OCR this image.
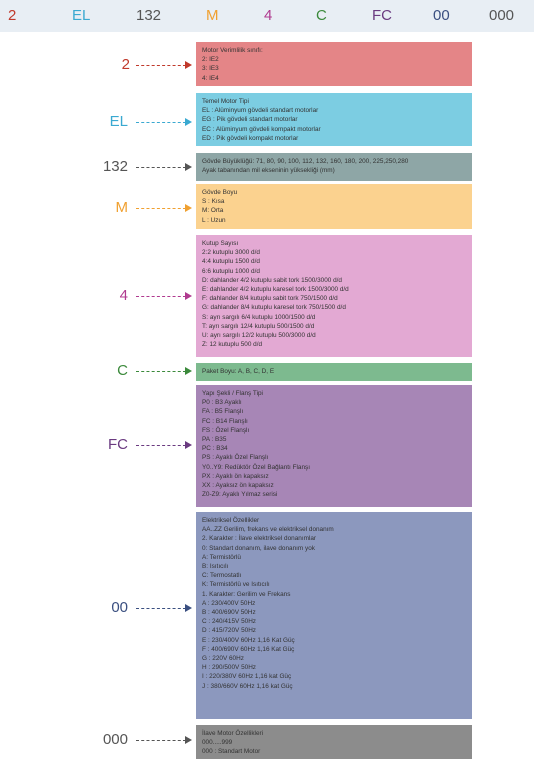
2	EL	132	M	4	C	FC	00	000
2
Motor Verimlilik sınıfı:
2: IE2
3: IE3
4: IE4
EL
Temel Motor Tipi
EL : Alüminyum gövdeli standart motorlar
EG : Pik gövdeli standart motorlar
EC : Alüminyum gövdeli kompakt motorlar
ED : Pik gövdeli kompakt motorlar
132	Gövde Büyüklüğü: 71, 80, 90, 100, 112, 132, 160, 180, 200, 225,250,280
Ayak tabanından mil ekseninin yüksekliği (mm)
M
Gövde Boyu
S : Kısa
M: Orta
L : Uzun
4
Kutup Sayısı
2:2 kutuplu 3000 d/d
4:4 kutuplu 1500 d/d
6:6 kutuplu 1000 d/d
D: dahlander 4/2 kutuplu sabit tork 1500/3000 d/d
E: dahlander 4/2 kutuplu karesel tork 1500/3000 d/d
F: dahlander 8/4 kutuplu sabit tork 750/1500 d/d
G: dahlander 8/4 kutuplu karesel tork 750/1500 d/d
S: ayrı sargılı 6/4 kutuplu 1000/1500 d/d
T: ayrı sargılı 12/4 kutuplu 500/1500 d/d
U: ayrı sargılı 12/2 kutuplu 500/3000 d/d
Z: 12 kutuplu 500 d/d
C	Paket Boyu: A, B, C, D, E
FC
Yapı Şekli / Flanş Tipi
P0 : B3 Ayaklı
FA : B5 Flanşlı
FC : B14 Flanşlı
FS : Özel Flanşlı
PA : B35
PC : B34
PS : Ayaklı Özel Flanşlı
Y0..Y9: Redüktör Özel Bağlantı Flanşı
PX : Ayaklı ön kapaksız
XX : Ayaksız ön kapaksız
Z0-Z9: Ayaklı Yılmaz serisi
00
Elektriksel Özellikler
AA..ZZ Gerilim, frekans ve elektriksel donanım
2. Karakter : İlave elektriksel donanımlar
0: Standart donanım, ilave donanım yok
A: Termistörlü
B: Isıtıcılı
C: Termostatlı
K: Termistörlü ve Isıtıcılı
1. Karakter: Gerilim ve Frekans
A : 230/400V 50Hz
B : 400/690V 50Hz
C : 240/415V 50Hz
D : 415/720V 50Hz
E : 230/400V 60Hz 1,16 Kat Güç
F : 400/690V 60Hz 1,16 Kat Güç
G : 220V 60Hz
H : 290/500V 50Hz
I : 220/380V 60Hz 1,16 kat Güç
J : 380/660V 60Hz 1,16 kat Güç
000	İlave Motor Özellikleri
000.....999
000 : Standart Motor
